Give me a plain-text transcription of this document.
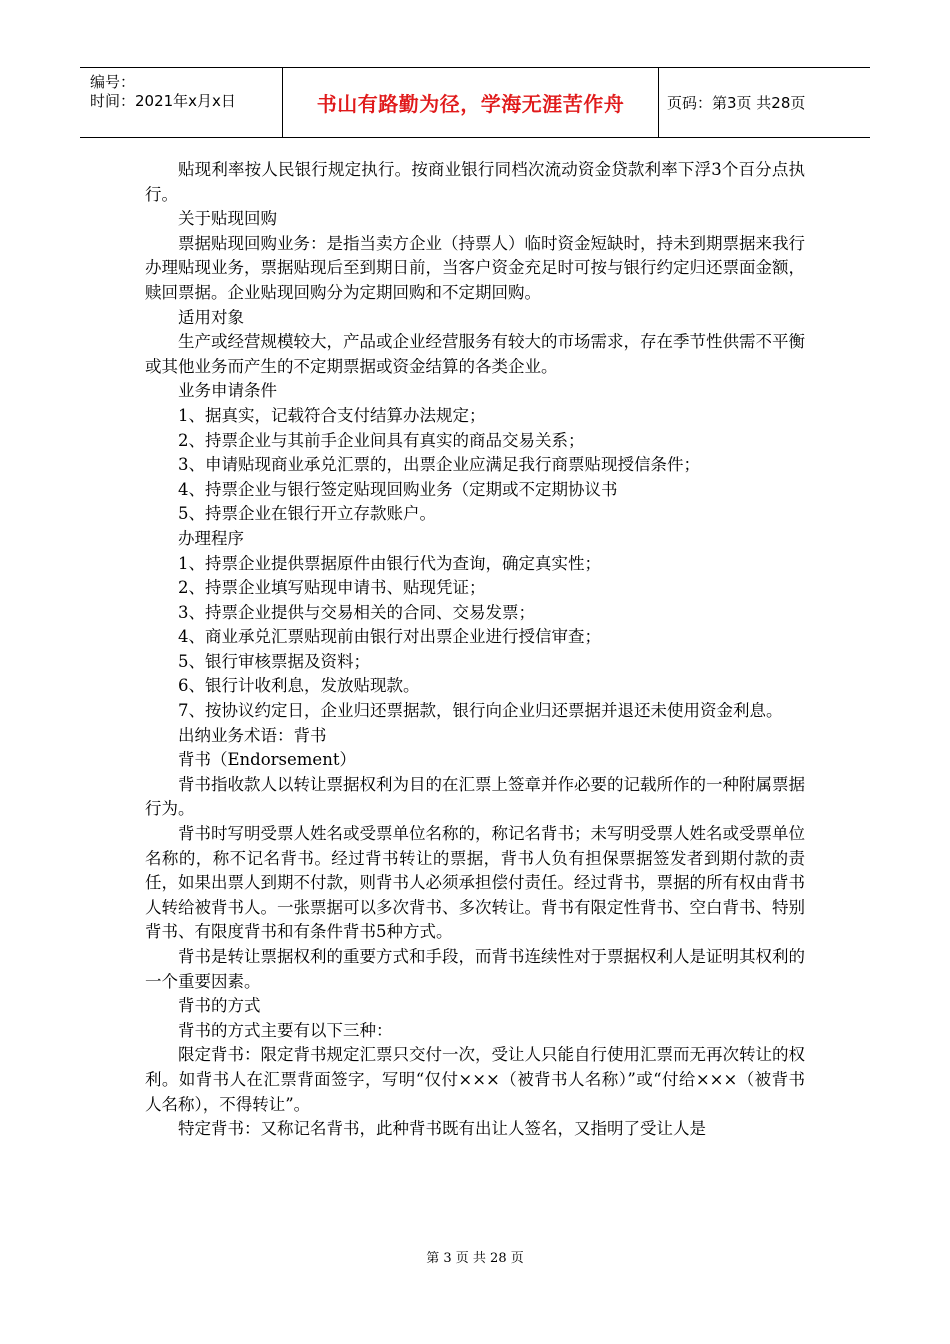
编号：
时间：2021年x月x日	书山有路勤为径，学海无涯苦作舟	页码：第3页 共28页

贴现利率按人民银行规定执行。按商业银行同档次流动资金贷款利率下浮3个百分点执行。

关于贴现回购

票据贴现回购业务：是指当卖方企业（持票人）临时资金短缺时，持未到期票据来我行办理贴现业务，票据贴现后至到期日前，当客户资金充足时可按与银行约定归还票面金额，赎回票据。企业贴现回购分为定期回购和不定期回购。

适用对象

生产或经营规模较大，产品或企业经营服务有较大的市场需求，存在季节性供需不平衡或其他业务而产生的不定期票据或资金结算的各类企业。

业务申请条件

1、据真实，记载符合支付结算办法规定；

2、持票企业与其前手企业间具有真实的商品交易关系；

3、申请贴现商业承兑汇票的，出票企业应满足我行商票贴现授信条件；

4、持票企业与银行签定贴现回购业务（定期或不定期协议书

5、持票企业在银行开立存款账户。

办理程序

1、持票企业提供票据原件由银行代为查询，确定真实性；

2、持票企业填写贴现申请书、贴现凭证；

3、持票企业提供与交易相关的合同、交易发票；

4、商业承兑汇票贴现前由银行对出票企业进行授信审查；

5、银行审核票据及资料；

6、银行计收利息，发放贴现款。

7、按协议约定日，企业归还票据款，银行向企业归还票据并退还未使用资金利息。

出纳业务术语：背书

背书（Endorsement）

背书指收款人以转让票据权利为目的在汇票上签章并作必要的记载所作的一种附属票据行为。

背书时写明受票人姓名或受票单位名称的，称记名背书；未写明受票人姓名或受票单位名称的，称不记名背书。经过背书转让的票据，背书人负有担保票据签发者到期付款的责任，如果出票人到期不付款，则背书人必须承担偿付责任。经过背书，票据的所有权由背书人转给被背书人。一张票据可以多次背书、多次转让。背书有限定性背书、空白背书、特别背书、有限度背书和有条件背书5种方式。

背书是转让票据权利的重要方式和手段，而背书连续性对于票据权利人是证明其权利的一个重要因素。

背书的方式

背书的方式主要有以下三种：

限定背书：限定背书规定汇票只交付一次，受让人只能自行使用汇票而无再次转让的权利。如背书人在汇票背面签字，写明“仅付×××（被背书人名称）”或“付给×××（被背书人名称），不得转让”。

特定背书：又称记名背书，此种背书既有出让人签名，又指明了受让人是

第 3 页 共 28 页
